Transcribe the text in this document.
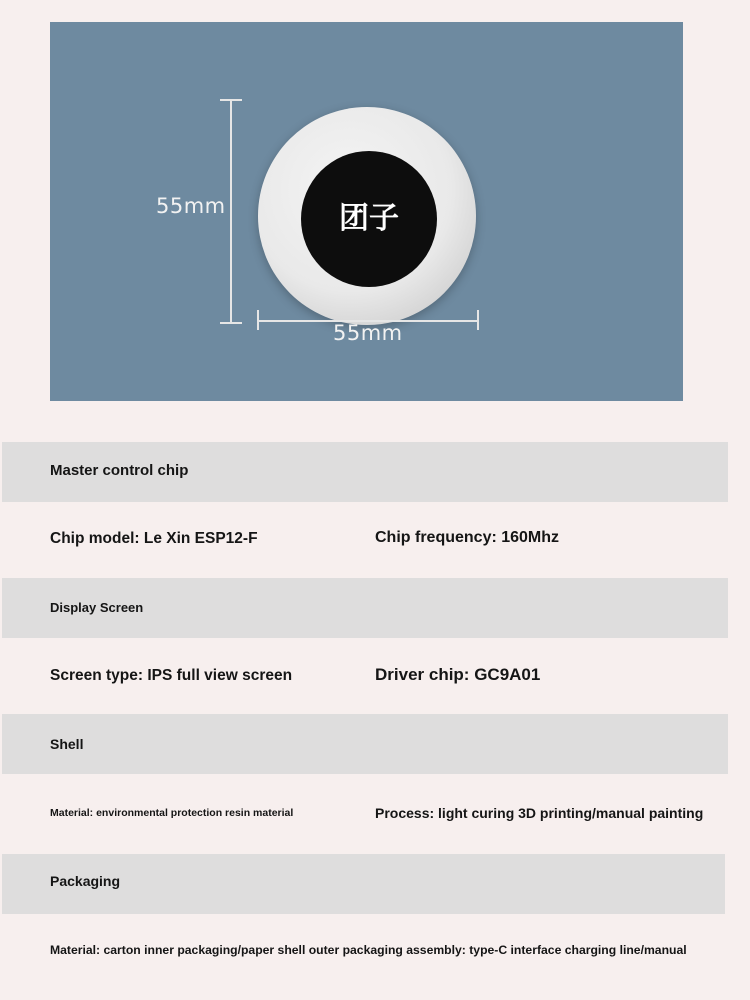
55mm	团子
55mm
Master control chip
Chip model: Le Xin ESP12-F	Chip frequency: 160Mhz
Display Screen
Screen type: IPS full view screen	Driver chip: GC9A01
Shell
Material: environmental protection resin material	Process: light curing 3D printing/manual painting
Packaging
Material: carton inner packaging/paper shell outer packaging assembly: type-C interface charging line/manual
